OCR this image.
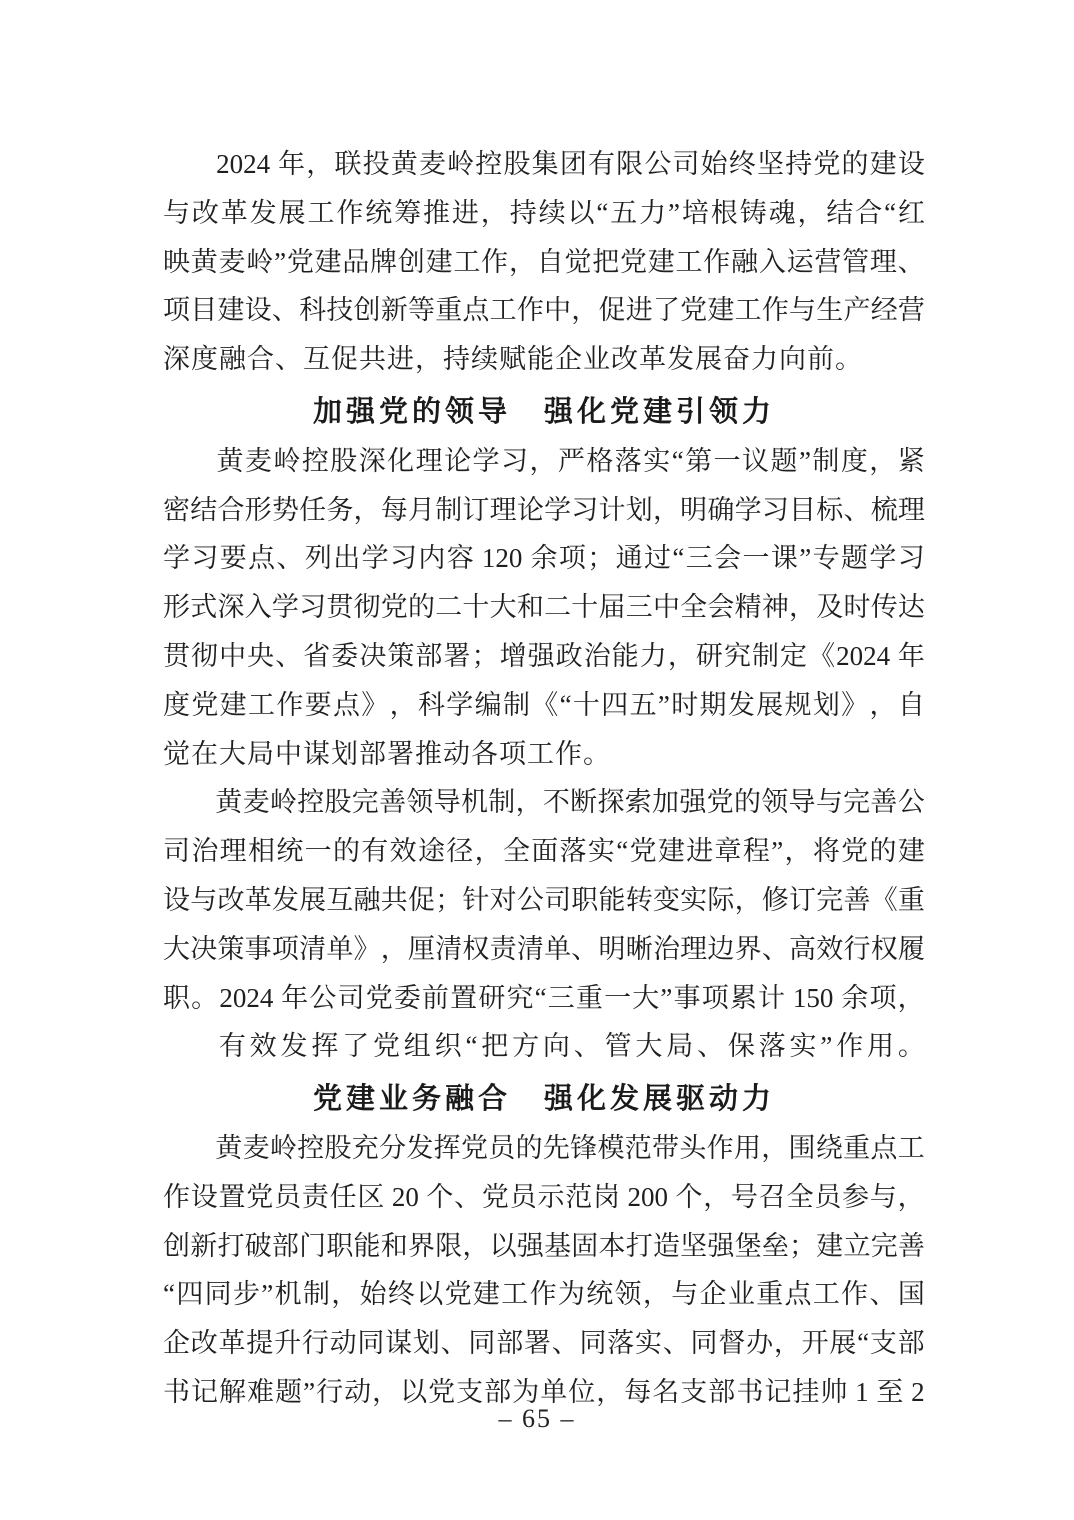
2024 年 ， 联 投 黄 麦 岭 控 股 集 团 有 限 公 司 始 终 坚 持 党 的 建 设
与 改 革 发 展 工 作 统 筹 推 进 ， 持 续 以 “ 五 力 ” 培 根 铸 魂 ， 结 合 “ 红
映 黄 麦 岭 ” 党 建 品 牌 创 建 工 作 ， 自 觉 把 党 建 工 作 融 入 运 营 管 理 、
项 目 建 设 、 科 技 创 新 等 重 点 工 作 中 ， 促 进 了 党 建 工 作 与 生 产 经 营
深度融合、互促共进，持续赋能企业改革发展奋力向前。
加强党的领导　强化党建引领力
黄 麦 岭 控 股 深 化 理 论 学 习 ， 严 格 落 实 “ 第 一 议 题 ” 制 度 ， 紧
密 结 合 形 势 任 务 ， 每 月 制 订 理 论 学 习 计 划 ， 明 确 学 习 目 标 、 梳 理
学 习 要 点 、 列 出 学 习 内 容 120 余 项 ； 通 过 “ 三 会 一 课 ” 专 题 学 习
形 式 深 入 学 习 贯 彻 党 的 二 十 大 和 二 十 届 三 中 全 会 精 神 ， 及 时 传 达
贯 彻 中 央 、 省 委 决 策 部 署 ； 增 强 政 治 能 力 ， 研 究 制 定 《 2024 年
度 党 建 工 作 要 点 》 ， 科 学 编 制 《 “ 十 四 五 ” 时 期 发 展 规 划 》 ， 自
觉在大局中谋划部署推动各项工作。
黄 麦 岭 控 股 完 善 领 导 机 制 ， 不 断 探 索 加 强 党 的 领 导 与 完 善 公
司 治 理 相 统 一 的 有 效 途 径 ， 全 面 落 实 “ 党 建 进 章 程 ” ， 将 党 的 建
设 与 改 革 发 展 互 融 共 促 ； 针 对 公 司 职 能 转 变 实 际 ， 修 订 完 善 《 重
大 决 策 事 项 清 单 》 ， 厘 清 权 责 清 单 、 明 晰 治 理 边 界 、 高 效 行 权 履
职 。 2024 年 公 司 党 委 前 置 研 究 “ 三 重 一 大 ” 事 项 累 计 150 余 项 ，
有 效 发 挥 了 党 组 织 “ 把 方 向 、 管 大 局 、 保 落 实 ” 作 用 。
党建业务融合　强化发展驱动力
黄 麦 岭 控 股 充 分 发 挥 党 员 的 先 锋 模 范 带 头 作 用 ， 围 绕 重 点 工
作 设 置 党 员 责 任 区 20 个 、 党 员 示 范 岗 200 个 ， 号 召 全 员 参 与 ，
创 新 打 破 部 门 职 能 和 界 限 ， 以 强 基 固 本 打 造 坚 强 堡 垒 ； 建 立 完 善
“ 四 同 步 ” 机 制 ， 始 终 以 党 建 工 作 为 统 领 ， 与 企 业 重 点 工 作 、 国
企 改 革 提 升 行 动 同 谋 划 、 同 部 署 、 同 落 实 、 同 督 办 ， 开 展 “ 支 部
书 记 解 难 题 ” 行 动 ， 以 党 支 部 为 单 位 ， 每 名 支 部 书 记 挂 帅 1 至 2
– 65 –
